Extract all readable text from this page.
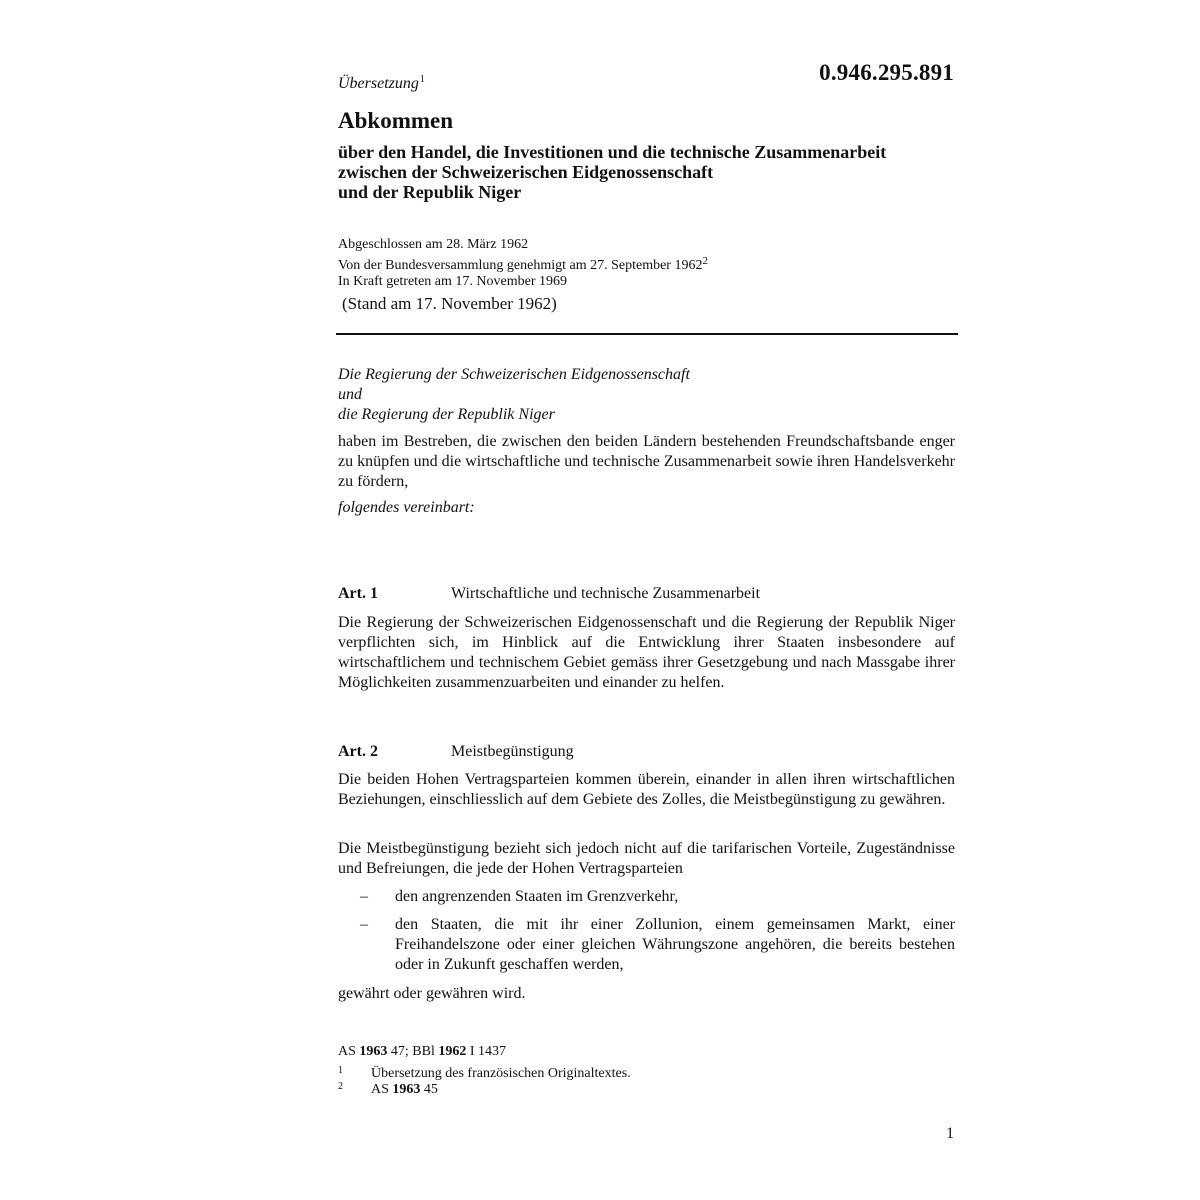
Übersetzung$^1$	0.946.295.891
Abkommen
über den Handel, die Investitionen und die technische Zusammenarbeit
zwischen der Schweizerischen Eidgenossenschaft
und der Republik Niger
Abgeschlossen am 28. März 1962
Von der Bundesversammlung genehmigt am 27. September 1962$^2$
In Kraft getreten am 17. November 1969
(Stand am 17. November 1962)
Die Regierung der Schweizerischen Eidgenossenschaft
und
die Regierung der Republik Niger
haben im Bestreben, die zwischen den beiden Ländern bestehenden Freundschaftsbande enger zu knüpfen und die wirtschaftliche und technische Zusammenarbeit sowie ihren Handelsverkehr zu fördern,
folgendes vereinbart:
Art. 1	Wirtschaftliche und technische Zusammenarbeit
Die Regierung der Schweizerischen Eidgenossenschaft und die Regierung der Republik Niger verpflichten sich, im Hinblick auf die Entwicklung ihrer Staaten insbesondere auf wirtschaftlichem und technischem Gebiet gemäss ihrer Gesetzgebung und nach Massgabe ihrer Möglichkeiten zusammenzuarbeiten und einander zu helfen.
Art. 2	Meistbegünstigung
Die beiden Hohen Vertragsparteien kommen überein, einander in allen ihren wirtschaftlichen Beziehungen, einschliesslich auf dem Gebiete des Zolles, die Meistbegünstigung zu gewähren.
Die Meistbegünstigung bezieht sich jedoch nicht auf die tarifarischen Vorteile, Zugeständnisse und Befreiungen, die jede der Hohen Vertragsparteien
– den angrenzenden Staaten im Grenzverkehr,
– den Staaten, die mit ihr einer Zollunion, einem gemeinsamen Markt, einer Freihandelszone oder einer gleichen Währungszone angehören, die bereits bestehen oder in Zukunft geschaffen werden,
gewährt oder gewähren wird.
AS 1963 47; BBl 1962 I 1437
1 Übersetzung des französischen Originaltextes.
2 AS 1963 45
1
